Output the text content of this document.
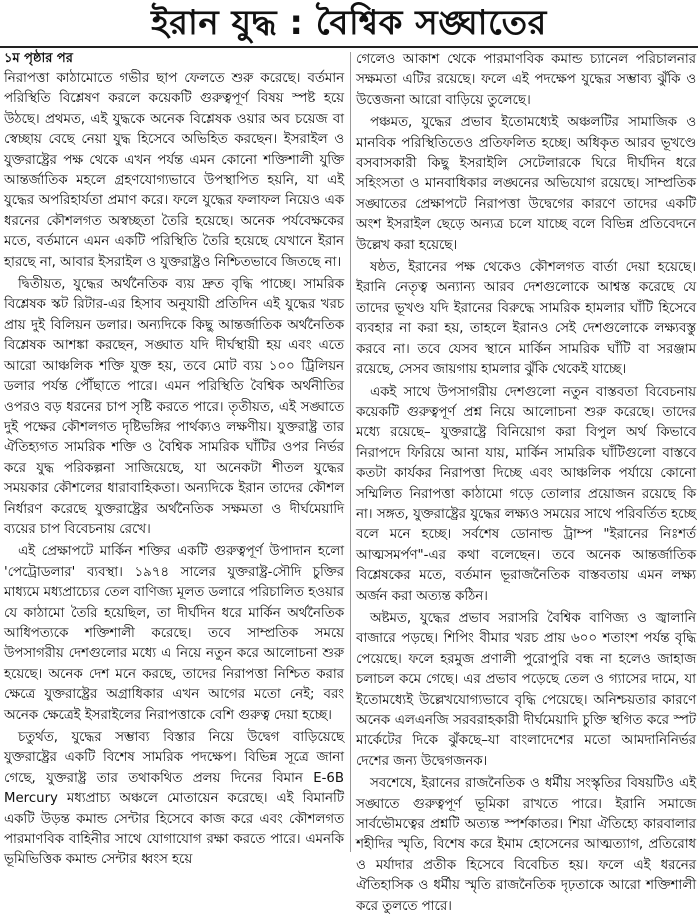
ইরান যুদ্ধ : বৈশ্বিক সঙ্ঘাতের
১ম পৃষ্ঠার পর

নিরাপত্তা কাঠামোতে গভীর ছাপ ফেলতে শুরু করেছে। বর্তমান পরিস্থিতি বিশ্লেষণ করলে কয়েকটি গুরুত্বপূর্ণ বিষয় স্পষ্ট হয়ে উঠছে। প্রথমত, এই যুদ্ধকে অনেক বিশ্লেষক ওয়ার অব চয়েজ বা স্বেচ্ছায় বেছে নেয়া যুদ্ধ হিসেবে অভিহিত করছেন। ইসরাইল ও যুক্তরাষ্ট্রের পক্ষ থেকে এখন পর্যন্ত এমন কোনো শক্তিশালী যুক্তি আন্তর্জাতিক মহলে গ্রহণযোগ্যভাবে উপস্থাপিত হয়নি, যা এই যুদ্ধের অপরিহার্যতা প্রমাণ করে। ফলে যুদ্ধের ফলাফল নিয়েও এক ধরনের কৌশলগত অস্বচ্ছতা তৈরি হয়েছে। অনেক পর্যবেক্ষকের মতে, বর্তমানে এমন একটি পরিস্থিতি তৈরি হয়েছে যেখানে ইরান হারছে না, আবার ইসরাইল ও যুক্তরাষ্ট্রও নিশ্চিতভাবে জিতছে না।

দ্বিতীয়ত, যুদ্ধের অর্থনৈতিক ব্যয় দ্রুত বৃদ্ধি পাচ্ছে। সামরিক বিশ্লেষক স্কট রিটার-এর হিসাব অনুযায়ী প্রতিদিন এই যুদ্ধের খরচ প্রায় দুই বিলিয়ন ডলার। অন্যদিকে কিছু আন্তর্জাতিক অর্থনৈতিক বিশ্লেষক আশঙ্কা করছেন, সঙ্ঘাত যদি দীর্ঘস্থায়ী হয় এবং এতে আরো আঞ্চলিক শক্তি যুক্ত হয়, তবে মোট ব্যয় ১০০ ট্রিলিয়ন ডলার পর্যন্ত পৌঁছাতে পারে। এমন পরিস্থিতি বৈশ্বিক অর্থনীতির ওপরও বড় ধরনের চাপ সৃষ্টি করতে পারে। তৃতীয়ত, এই সঙ্ঘাতে দুই পক্ষের কৌশলগত দৃষ্টিভঙ্গির পার্থক্যও লক্ষণীয়। যুক্তরাষ্ট্র তার ঐতিহ্যগত সামরিক শক্তি ও বৈশ্বিক সামরিক ঘাঁটির ওপর নির্ভর করে যুদ্ধ পরিকল্পনা সাজিয়েছে, যা অনেকটা শীতল যুদ্ধের সময়কার কৌশলের ধারাবাহিকতা। অন্যদিকে ইরান তাদের কৌশল নির্ধারণ করেছে যুক্তরাষ্ট্রের অর্থনৈতিক সক্ষমতা ও দীর্ঘমেয়াদি ব্যয়ের চাপ বিবেচনায় রেখে।

এই প্রেক্ষাপটে মার্কিন শক্তির একটি গুরুত্বপূর্ণ উপাদান হলো 'পেট্রোডলার' ব্যবস্থা। ১৯৭৪ সালের যুক্তরাষ্ট্র-সৌদি চুক্তির মাধ্যমে মধ্যপ্রাচ্যের তেল বাণিজ্য মূলত ডলারে পরিচালিত হওয়ার যে কাঠামো তৈরি হয়েছিল, তা দীর্ঘদিন ধরে মার্কিন অর্থনৈতিক আধিপত্যকে শক্তিশালী করেছে। তবে সাম্প্রতিক সময়ে উপসাগরীয় দেশগুলোর মধ্যে এ নিয়ে নতুন করে আলোচনা শুরু হয়েছে। অনেক দেশ মনে করছে, তাদের নিরাপত্তা নিশ্চিত করার ক্ষেত্রে যুক্তরাষ্ট্রের অগ্রাধিকার এখন আগের মতো নেই; বরং অনেক ক্ষেত্রেই ইসরাইলের নিরাপত্তাকে বেশি গুরুত্ব দেয়া হচ্ছে।

চতুর্থত, যুদ্ধের সম্ভাব্য বিস্তার নিয়ে উদ্বেগ বাড়িয়েছে যুক্তরাষ্ট্রের একটি বিশেষ সামরিক পদক্ষেপ। বিভিন্ন সূত্রে জানা গেছে, যুক্তরাষ্ট্র তার তথাকথিত প্রলয় দিনের বিমান E-6B Mercury মধ্যপ্রাচ্য অঞ্চলে মোতায়েন করেছে। এই বিমানটি একটি উড়ন্ত কমান্ড সেন্টার হিসেবে কাজ করে এবং কৌশলগত পারমাণবিক বাহিনীর সাথে যোগাযোগ রক্ষা করতে পারে। এমনকি ভূমিভিত্তিক কমান্ড সেন্টার ধ্বংস হয়ে

গেলেও আকাশ থেকে পারমাণবিক কমান্ড চ্যানেল পরিচালনার সক্ষমতা এটির রয়েছে। ফলে এই পদক্ষেপ যুদ্ধের সম্ভাব্য ঝুঁকি ও উত্তেজনা আরো বাড়িয়ে তুলেছে।

পঞ্চমত, যুদ্ধের প্রভাব ইতোমধ্যেই অঞ্চলটির সামাজিক ও মানবিক পরিস্থিতিতেও প্রতিফলিত হচ্ছে। অধিকৃত আরব ভূখণ্ডে বসবাসকারী কিছু ইসরাইলি সেটেলারকে ঘিরে দীর্ঘদিন ধরে সহিংসতা ও মানবাধিকার লঙ্ঘনের অভিযোগ রয়েছে। সাম্প্রতিক সঙ্ঘাতের প্রেক্ষাপটে নিরাপত্তা উদ্বেগের কারণে তাদের একটি অংশ ইসরাইল ছেড়ে অন্যত্র চলে যাচ্ছে বলে বিভিন্ন প্রতিবেদনে উল্লেখ করা হয়েছে।

ষষ্ঠত, ইরানের পক্ষ থেকেও কৌশলগত বার্তা দেয়া হয়েছে। ইরানি নেতৃত্ব অন্যান্য আরব দেশগুলোকে আশ্বস্ত করেছে যে তাদের ভূখণ্ড যদি ইরানের বিরুদ্ধে সামরিক হামলার ঘাঁটি হিসেবে ব্যবহার না করা হয়, তাহলে ইরানও সেই দেশগুলোকে লক্ষ্যবস্তু করবে না। তবে যেসব স্থানে মার্কিন সামরিক ঘাঁটি বা সরঞ্জাম রয়েছে, সেসব জায়গায় হামলার ঝুঁকি থেকেই যাচ্ছে।

একই সাথে উপসাগরীয় দেশগুলো নতুন বাস্তবতা বিবেচনায় কয়েকটি গুরুত্বপূর্ণ প্রশ্ন নিয়ে আলোচনা শুরু করেছে। তাদের মধ্যে রয়েছে– যুক্তরাষ্ট্রে বিনিয়োগ করা বিপুল অর্থ কিভাবে নিরাপদে ফিরিয়ে আনা যায়, মার্কিন সামরিক ঘাঁটিগুলো বাস্তবে কতটা কার্যকর নিরাপত্তা দিচ্ছে এবং আঞ্চলিক পর্যায়ে কোনো সম্মিলিত নিরাপত্তা কাঠামো গড়ে তোলার প্রয়োজন রয়েছে কি না। সঙ্গত, যুক্তরাষ্ট্রের যুদ্ধের লক্ষ্যও সময়ের সাথে পরিবর্তিত হচ্ছে বলে মনে হচ্ছে। সর্বশেষ ডোনাল্ড ট্রাম্প "ইরানের নিঃশর্ত আত্মসমর্পণ"-এর কথা বলেছেন। তবে অনেক আন্তর্জাতিক বিশ্লেষকের মতে, বর্তমান ভূরাজনৈতিক বাস্তবতায় এমন লক্ষ্য অর্জন করা অত্যন্ত কঠিন।

অষ্টমত, যুদ্ধের প্রভাব সরাসরি বৈশ্বিক বাণিজ্য ও জ্বালানি বাজারে পড়ছে। শিপিং বীমার খরচ প্রায় ৬০০ শতাংশ পর্যন্ত বৃদ্ধি পেয়েছে। ফলে হরমুজ প্রণালী পুরোপুরি বন্ধ না হলেও জাহাজ চলাচল কমে গেছে। এর প্রভাব পড়েছে তেল ও গ্যাসের দামে, যা ইতোমধ্যেই উল্লেখযোগ্যভাবে বৃদ্ধি পেয়েছে। অনিশ্চয়তার কারণে অনেক এলএনজি সরবরাহকারী দীর্ঘমেয়াদি চুক্তি স্থগিত করে স্পট মার্কেটের দিকে ঝুঁকছে–যা বাংলাদেশের মতো আমদানিনির্ভর দেশের জন্য উদ্বেগজনক।

সবশেষে, ইরানের রাজনৈতিক ও ধর্মীয় সংস্কৃতির বিষয়টিও এই সঙ্ঘাতে গুরুত্বপূর্ণ ভূমিকা রাখতে পারে। ইরানি সমাজে সার্বভৌমত্বের প্রশ্নটি অত্যন্ত স্পর্শকাতর। শিয়া ঐতিহ্যে কারবালার শহীদির স্মৃতি, বিশেষ করে ইমাম হোসেনের আত্মত্যাগ, প্রতিরোধ ও মর্যাদার প্রতীক হিসেবে বিবেচিত হয়। ফলে এই ধরনের ঐতিহাসিক ও ধর্মীয় স্মৃতি রাজনৈতিক দৃঢ়তাকে আরো শক্তিশালী করে তুলতে পারে।
